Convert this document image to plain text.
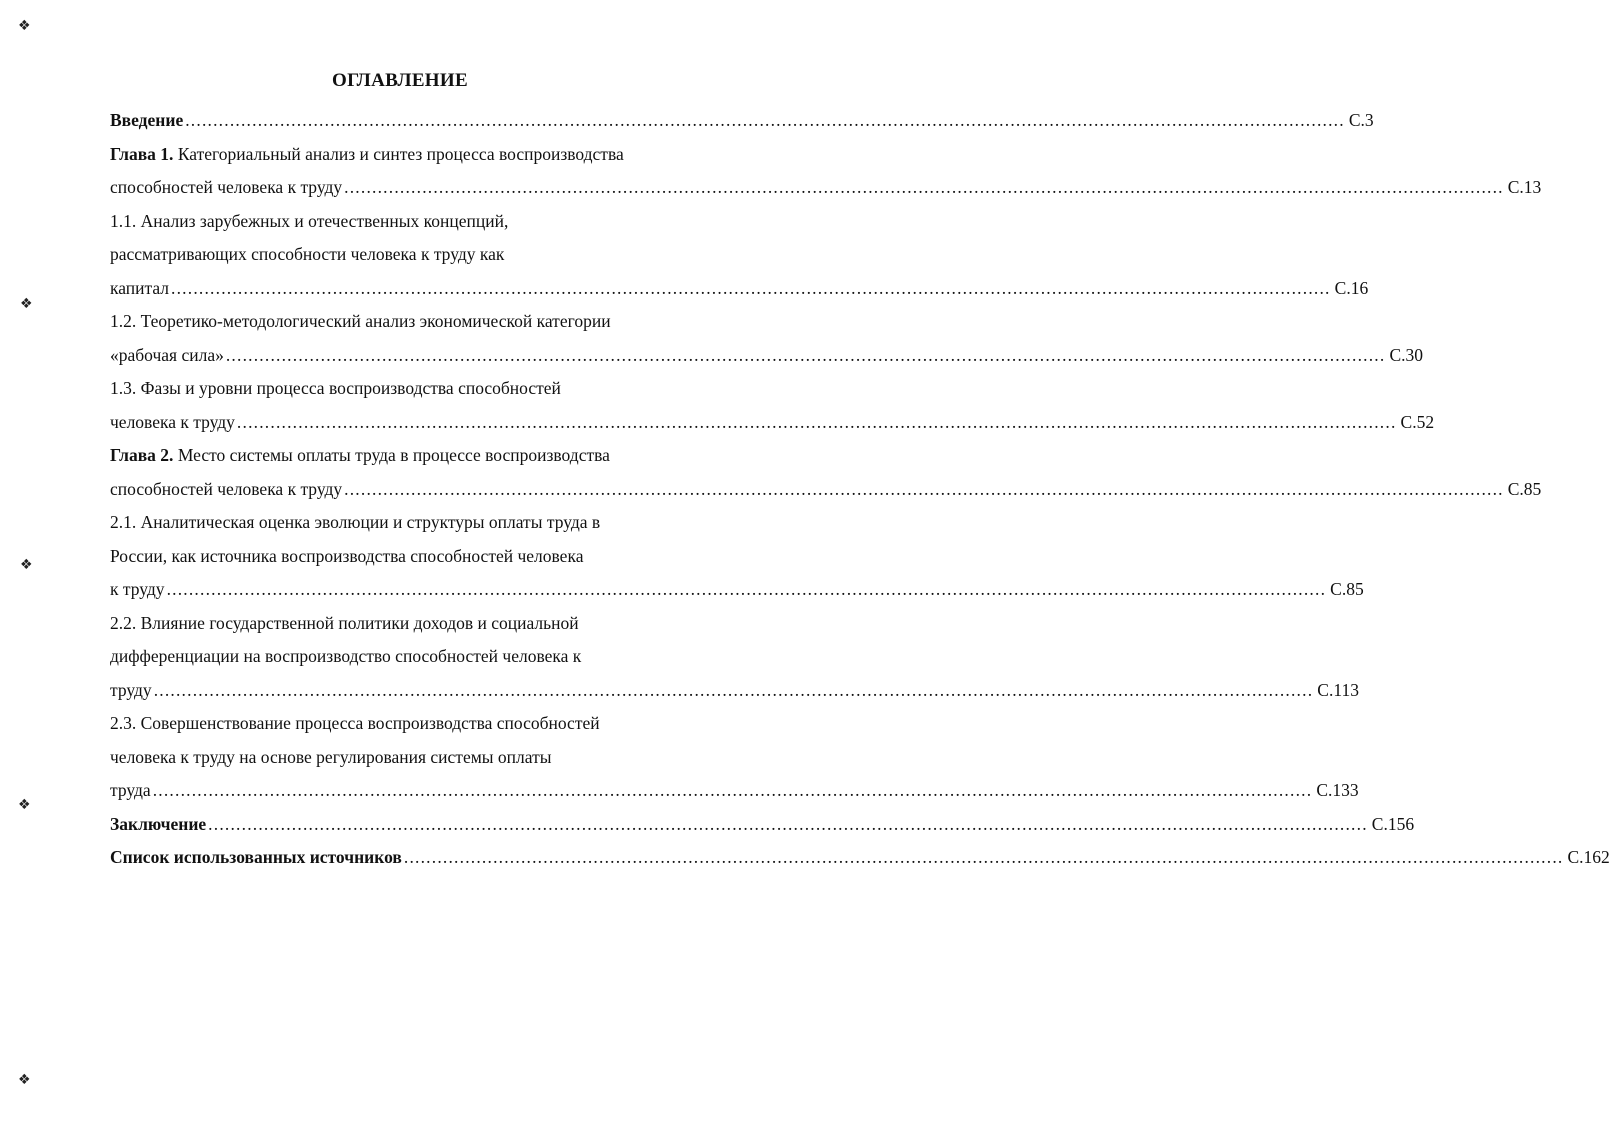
❖
❖
❖
❖
❖
ОГЛАВЛЕНИЕ
Введение ................................................................................................................................................................................................................ С.3
Глава 1. Категориальный анализ и синтез процесса воспроизводства
способностей человека к труду ................................................................................................................................................................................................................ С.13
1.1. Анализ зарубежных и отечественных концепций,
рассматривающих способности человека к труду как
капитал ................................................................................................................................................................................................................ С.16
1.2. Теоретико-методологический анализ экономической категории
«рабочая сила» ................................................................................................................................................................................................................ С.30
1.3. Фазы и уровни процесса воспроизводства способностей
человека к труду ................................................................................................................................................................................................................ С.52
Глава 2. Место системы оплаты труда в процессе воспроизводства
способностей человека к труду ................................................................................................................................................................................................................ С.85
2.1. Аналитическая оценка эволюции и структуры оплаты труда в
России, как источника воспроизводства способностей человека
к труду ................................................................................................................................................................................................................ С.85
2.2. Влияние государственной политики доходов и социальной
дифференциации на воспроизводство способностей человека к
труду ................................................................................................................................................................................................................ С.113
2.3. Совершенствование процесса воспроизводства способностей
человека к труду на основе регулирования системы оплаты
труда ................................................................................................................................................................................................................ С.133
Заключение ................................................................................................................................................................................................................ С.156
Список использованных источников ................................................................................................................................................................................................................ С.162
